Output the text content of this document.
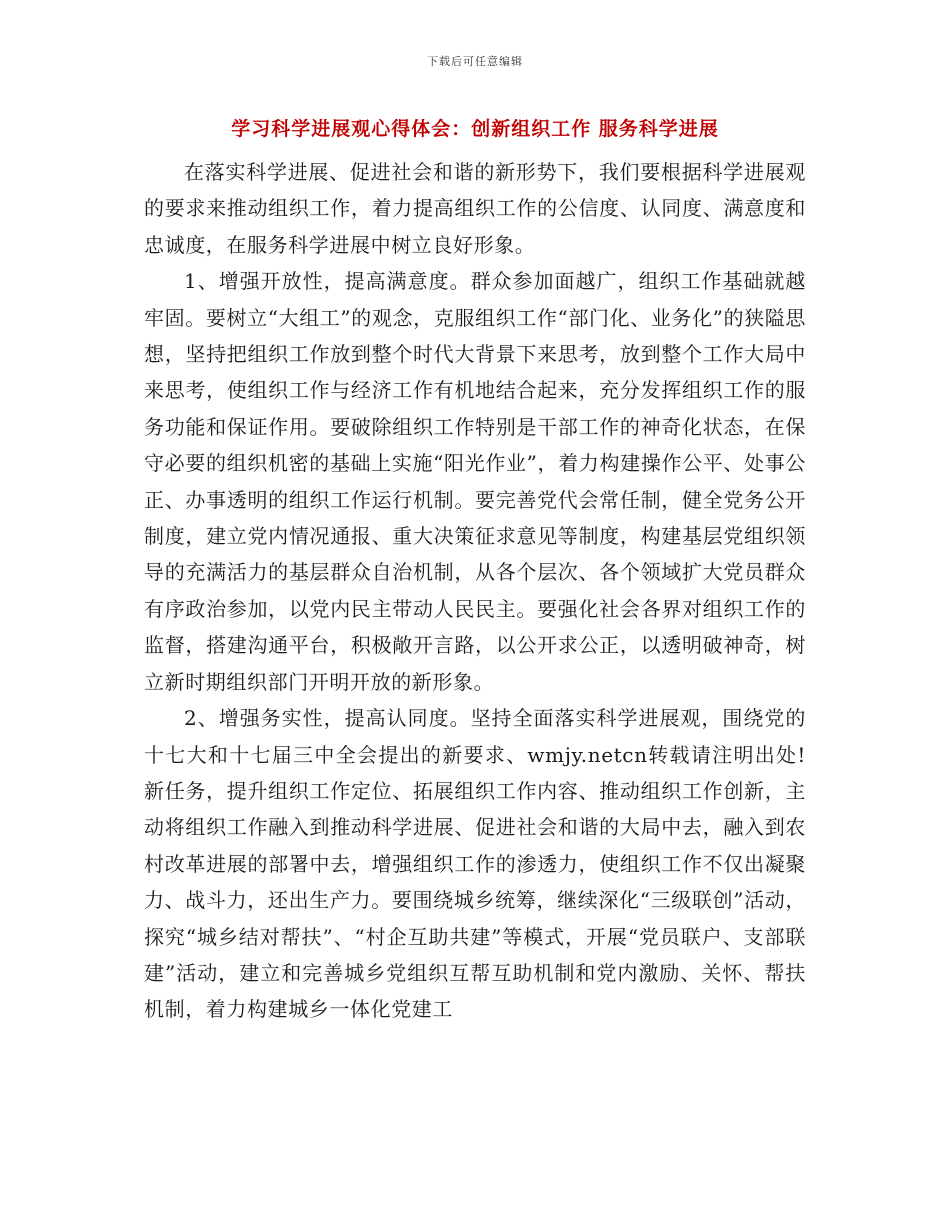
下载后可任意编辑
学习科学进展观心得体会：创新组织工作 服务科学进展

在落实科学进展、促进社会和谐的新形势下，我们要根据科学进展观的要求来推动组织工作，着力提高组织工作的公信度、认同度、满意度和忠诚度，在服务科学进展中树立良好形象。

1、增强开放性，提高满意度。群众参加面越广，组织工作基础就越牢固。要树立“大组工”的观念，克服组织工作“部门化、业务化”的狭隘思想，坚持把组织工作放到整个时代大背景下来思考，放到整个工作大局中来思考，使组织工作与经济工作有机地结合起来，充分发挥组织工作的服务功能和保证作用。要破除组织工作特别是干部工作的神奇化状态，在保守必要的组织机密的基础上实施“阳光作业”，着力构建操作公平、处事公正、办事透明的组织工作运行机制。要完善党代会常任制，健全党务公开制度，建立党内情况通报、重大决策征求意见等制度，构建基层党组织领导的充满活力的基层群众自治机制，从各个层次、各个领域扩大党员群众有序政治参加，以党内民主带动人民民主。要强化社会各界对组织工作的监督，搭建沟通平台，积极敞开言路，以公开求公正，以透明破神奇，树立新时期组织部门开明开放的新形象。

2、增强务实性，提高认同度。坚持全面落实科学进展观，围绕党的十七大和十七届三中全会提出的新要求、wmjy.netcn转载请注明出处!新任务，提升组织工作定位、拓展组织工作内容、推动组织工作创新，主动将组织工作融入到推动科学进展、促进社会和谐的大局中去，融入到农村改革进展的部署中去，增强组织工作的渗透力，使组织工作不仅出凝聚力、战斗力，还出生产力。要围绕城乡统筹，继续深化“三级联创”活动，探究“城乡结对帮扶”、“村企互助共建”等模式，开展“党员联户、支部联建”活动，建立和完善城乡党组织互帮互助机制和党内激励、关怀、帮扶机制，着力构建城乡一体化党建工
